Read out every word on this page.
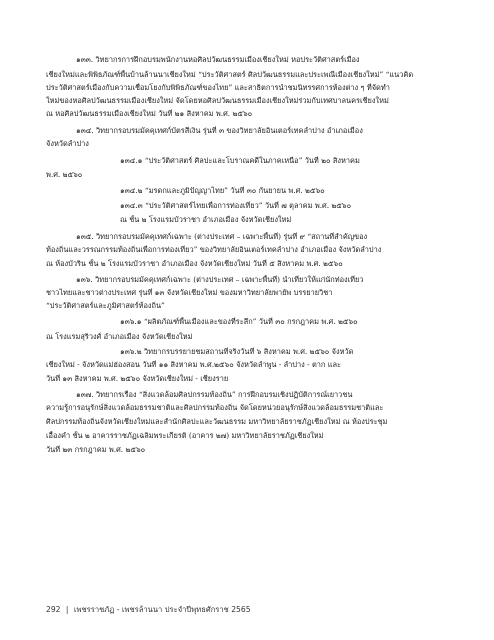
๑๓๓. วิทยากรการฝึกอบรมพนักงานหอศิลปวัฒนธรรมเมืองเชียงใหม่ หอประวัติศาสตร์เมือง
เชียงใหม่และพิพิธภัณฑ์พื้นบ้านล้านนาเชียงใหม่ “ประวัติศาสตร์ ศิลปวัฒนธรรมและประเพณีเมืองเชียงใหม่” “แนวคิด
ประวัติศาสตร์เมืองกับความเชื่อมโยงกับพิพิธภัณฑ์ของไทย” และสาธิตการนำชมนิทรรศการห้องต่าง ๆ ที่จัดทำ
ใหม่ของหอศิลปวัฒนธรรมเมืองเชียงใหม่ จัดโดยหอศิลปวัฒนธรรมเมืองเชียงใหม่ร่วมกับเทศบาลนครเชียงใหม่
ณ หอศิลปวัฒนธรรมเมืองเชียงใหม่ วันที่ ๒๑ สิงหาคม พ.ศ. ๒๕๖๐
๑๓๔. วิทยากรอบรมมัคคุเทศก์บัตรสีเงิน รุ่นที่ ๓ ของวิทยาลัยอินเตอร์เทคลำปาง อำเภอเมือง
จังหวัดลำปาง
๑๓๔.๑ “ประวัติศาสตร์ ศิลปะและโบราณคดีในภาคเหนือ” วันที่ ๒๐ สิงหาคม
พ.ศ. ๒๕๖๐
๑๓๔.๒ “มรดกและภูมิปัญญาไทย” วันที่ ๓๐ กันยายน พ.ศ. ๒๕๖๐
๑๓๔.๓ “ประวัติศาสตร์ไทยเพื่อการท่องเที่ยว” วันที่ ๗ ตุลาคม พ.ศ. ๒๕๖๐
ณ ชั้น ๒ โรงแรมบัวราชา อำเภอเมือง จังหวัดเชียงใหม่
๑๓๕. วิทยากรอบรมมัคคุเทศก์เฉพาะ (ต่างประเทศ – เฉพาะพื้นที่) รุ่นที่ ๙ “สถานที่สำคัญของ
ท้องถิ่นและวรรณกรรมท้องถิ่นเพื่อการท่องเที่ยว” ของวิทยาลัยอินเตอร์เทคลำปาง อำเภอเมือง จังหวัดลำปาง
ณ ห้องบัวริน ชั้น ๒ โรงแรมบัวราชา อำเภอเมือง จังหวัดเชียงใหม่ วันที่ ๕ สิงหาคม พ.ศ. ๒๕๖๐
๑๓๖. วิทยากรอบรมมัคคุเทศก์เฉพาะ (ต่างประเทศ – เฉพาะพื้นที่) นำเที่ยวให้แก่นักท่องเที่ยว
ชาวไทยและชาวต่างประเทศ รุ่นที่ ๑๓ จังหวัดเชียงใหม่ ของมหาวิทยาลัยพายัพ บรรยายวิชา
“ประวัติศาสตร์และภูมิศาสตร์ท้องถิ่น”
๑๓๖.๑ “ผลิตภัณฑ์พื้นเมืองและของที่ระลึก” วันที่ ๓๐ กรกฎาคม พ.ศ. ๒๕๖๐
ณ โรงแรมสุริวงศ์ อำเภอเมือง จังหวัดเชียงใหม่
๑๓๖.๒ วิทยากรบรรยายชมสถานที่จริงวันที่ ๖ สิงหาคม พ.ศ. ๒๕๖๐ จังหวัด
เชียงใหม่ - จังหวัดแม่ฮ่องสอน วันที่ ๑๑ สิงหาคม พ.ศ.๒๕๖๐ จังหวัดลำพูน - ลำปาง - ตาก และ
วันที่ ๑๓ สิงหาคม พ.ศ. ๒๕๖๐ จังหวัดเชียงใหม่ - เชียงราย
๑๓๗. วิทยากรเรื่อง “สิ่งแวดล้อมศิลปกรรมท้องถิ่น” การฝึกอบรมเชิงปฏิบัติการณ์เยาวชน
ความรู้การอนุรักษ์สิ่งแวดล้อมธรรมชาติและศิลปกรรมท้องถิ่น จัดโดยหน่วยอนุรักษ์สิ่งแวดล้อมธรรมชาติและ
ศิลปกรรมท้องถิ่นจังหวัดเชียงใหม่และสำนักศิลปะและวัฒนธรรม มหาวิทยาลัยราชภัฏเชียงใหม่ ณ ห้องประชุม
เอื้องคำ ชั้น ๒ อาคารราชภัฏเฉลิมพระเกียรติ (อาคาร ๒๗) มหาวิทยาลัยราชภัฏเชียงใหม่
วันที่ ๒๓ กรกฎาคม พ.ศ. ๒๕๖๐
292 | เพชรราชภัฏ - เพชรล้านนา ประจำปีพุทธศักราช 2565
